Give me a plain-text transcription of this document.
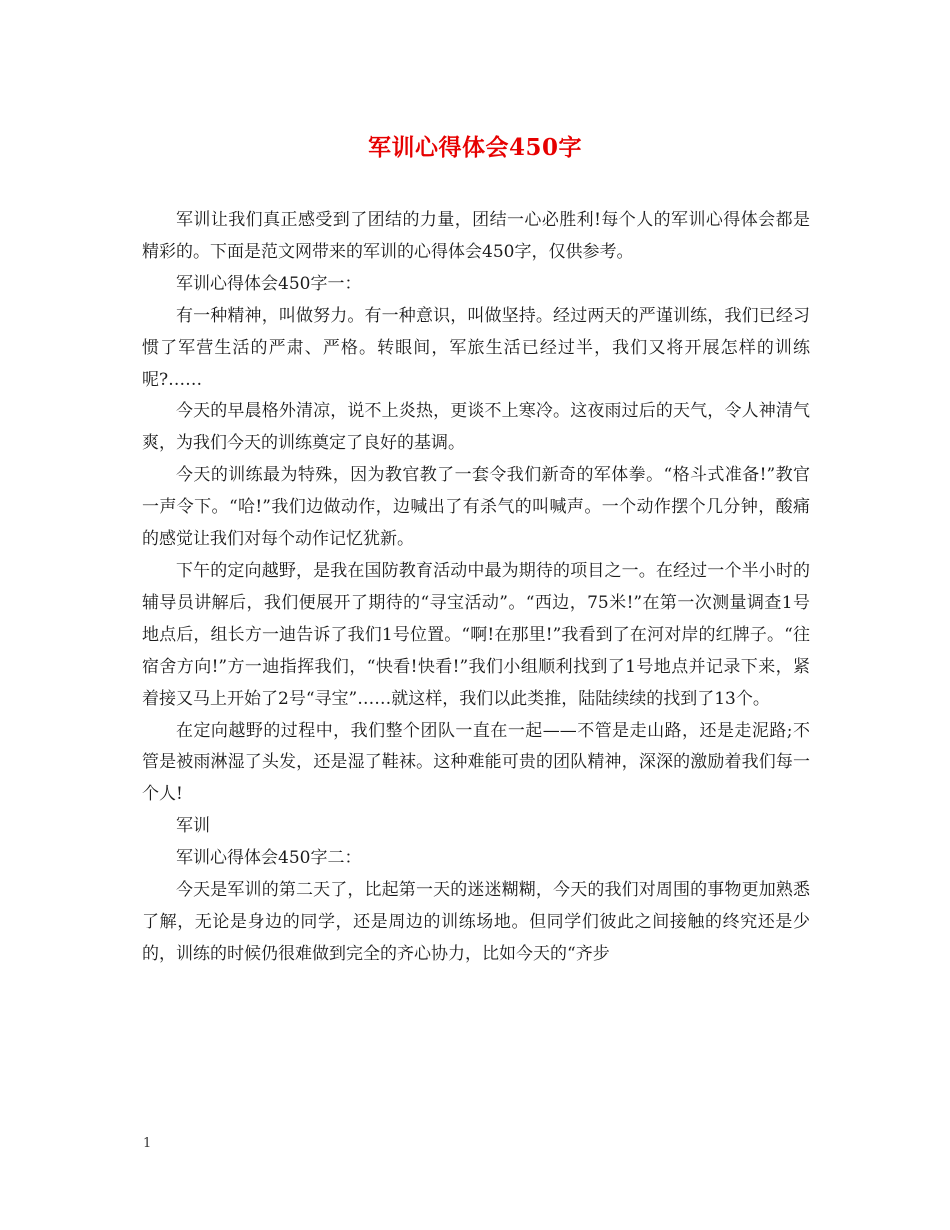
军训心得体会450字

军训让我们真正感受到了团结的力量，团结一心必胜利!每个人的军训心得体会都是精彩的。下面是范文网带来的军训的心得体会450字，仅供参考。

军训心得体会450字一：

有一种精神，叫做努力。有一种意识，叫做坚持。经过两天的严谨训练，我们已经习惯了军营生活的严肃、严格。转眼间，军旅生活已经过半，我们又将开展怎样的训练呢?……

今天的早晨格外清凉，说不上炎热，更谈不上寒冷。这夜雨过后的天气，令人神清气爽，为我们今天的训练奠定了良好的基调。

今天的训练最为特殊，因为教官教了一套令我们新奇的军体拳。“格斗式准备!”教官一声令下。“哈!”我们边做动作，边喊出了有杀气的叫喊声。一个动作摆个几分钟，酸痛的感觉让我们对每个动作记忆犹新。

下午的定向越野，是我在国防教育活动中最为期待的项目之一。在经过一个半小时的辅导员讲解后，我们便展开了期待的“寻宝活动”。“西边，75米!”在第一次测量调查1号地点后，组长方一迪告诉了我们1号位置。“啊!在那里!”我看到了在河对岸的红牌子。“往宿舍方向!”方一迪指挥我们，“快看!快看!”我们小组顺利找到了1号地点并记录下来，紧着接又马上开始了2号“寻宝”……就这样，我们以此类推，陆陆续续的找到了13个。

在定向越野的过程中，我们整个团队一直在一起——不管是走山路，还是走泥路;不管是被雨淋湿了头发，还是湿了鞋袜。这种难能可贵的团队精神，深深的激励着我们每一个人!

军训

军训心得体会450字二：

今天是军训的第二天了，比起第一天的迷迷糊糊，今天的我们对周围的事物更加熟悉了解，无论是身边的同学，还是周边的训练场地。但同学们彼此之间接触的终究还是少的，训练的时候仍很难做到完全的齐心协力，比如今天的“齐步

1
